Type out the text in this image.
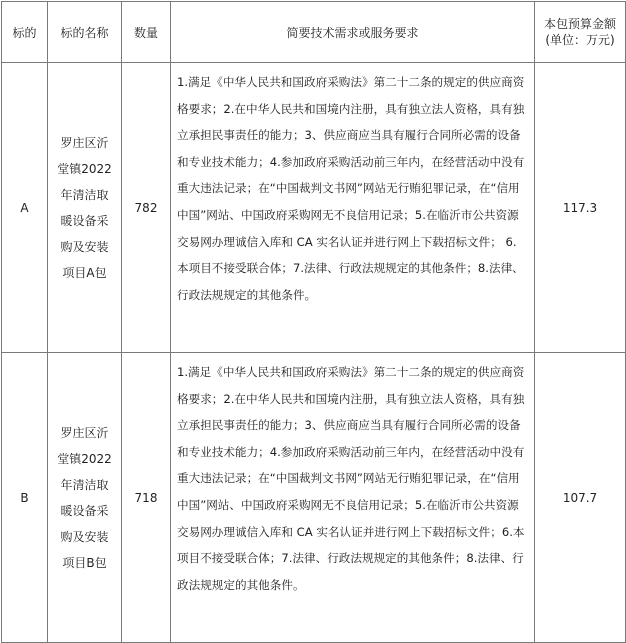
标的	标的名称	数量	简要技术需求或服务要求	本包预算金额(单位：万元)
A	罗庄区沂堂镇2022年清洁取暖设备采购及安装项目A包	782	1.满足《中华人民共和国政府采购法》第二十二条的规定的供应商资格要求；2.在中华人民共和国境内注册，具有独立法人资格，具有独立承担民事责任的能力；3、供应商应当具有履行合同所必需的设备和专业技术能力；4.参加政府采购活动前三年内，在经营活动中没有重大违法记录；在“中国裁判文书网”网站无行贿犯罪记录，在“信用中国”网站、中国政府采购网无不良信用记录；5.在临沂市公共资源交易网办理诚信入库和 CA 实名认证并进行网上下载招标文件； 6.本项目不接受联合体；7.法律、行政法规规定的其他条件；8.法律、行政法规规定的其他条件。	117.3
B	罗庄区沂堂镇2022年清洁取暖设备采购及安装项目B包	718	1.满足《中华人民共和国政府采购法》第二十二条的规定的供应商资格要求；2.在中华人民共和国境内注册，具有独立法人资格，具有独立承担民事责任的能力；3、供应商应当具有履行合同所必需的设备和专业技术能力；4.参加政府采购活动前三年内，在经营活动中没有重大违法记录；在“中国裁判文书网”网站无行贿犯罪记录，在“信用中国”网站、中国政府采购网无不良信用记录；5.在临沂市公共资源交易网办理诚信入库和 CA 实名认证并进行网上下载招标文件；6.本项目不接受联合体；7.法律、行政法规规定的其他条件；8.法律、行政法规规定的其他条件。	107.7
